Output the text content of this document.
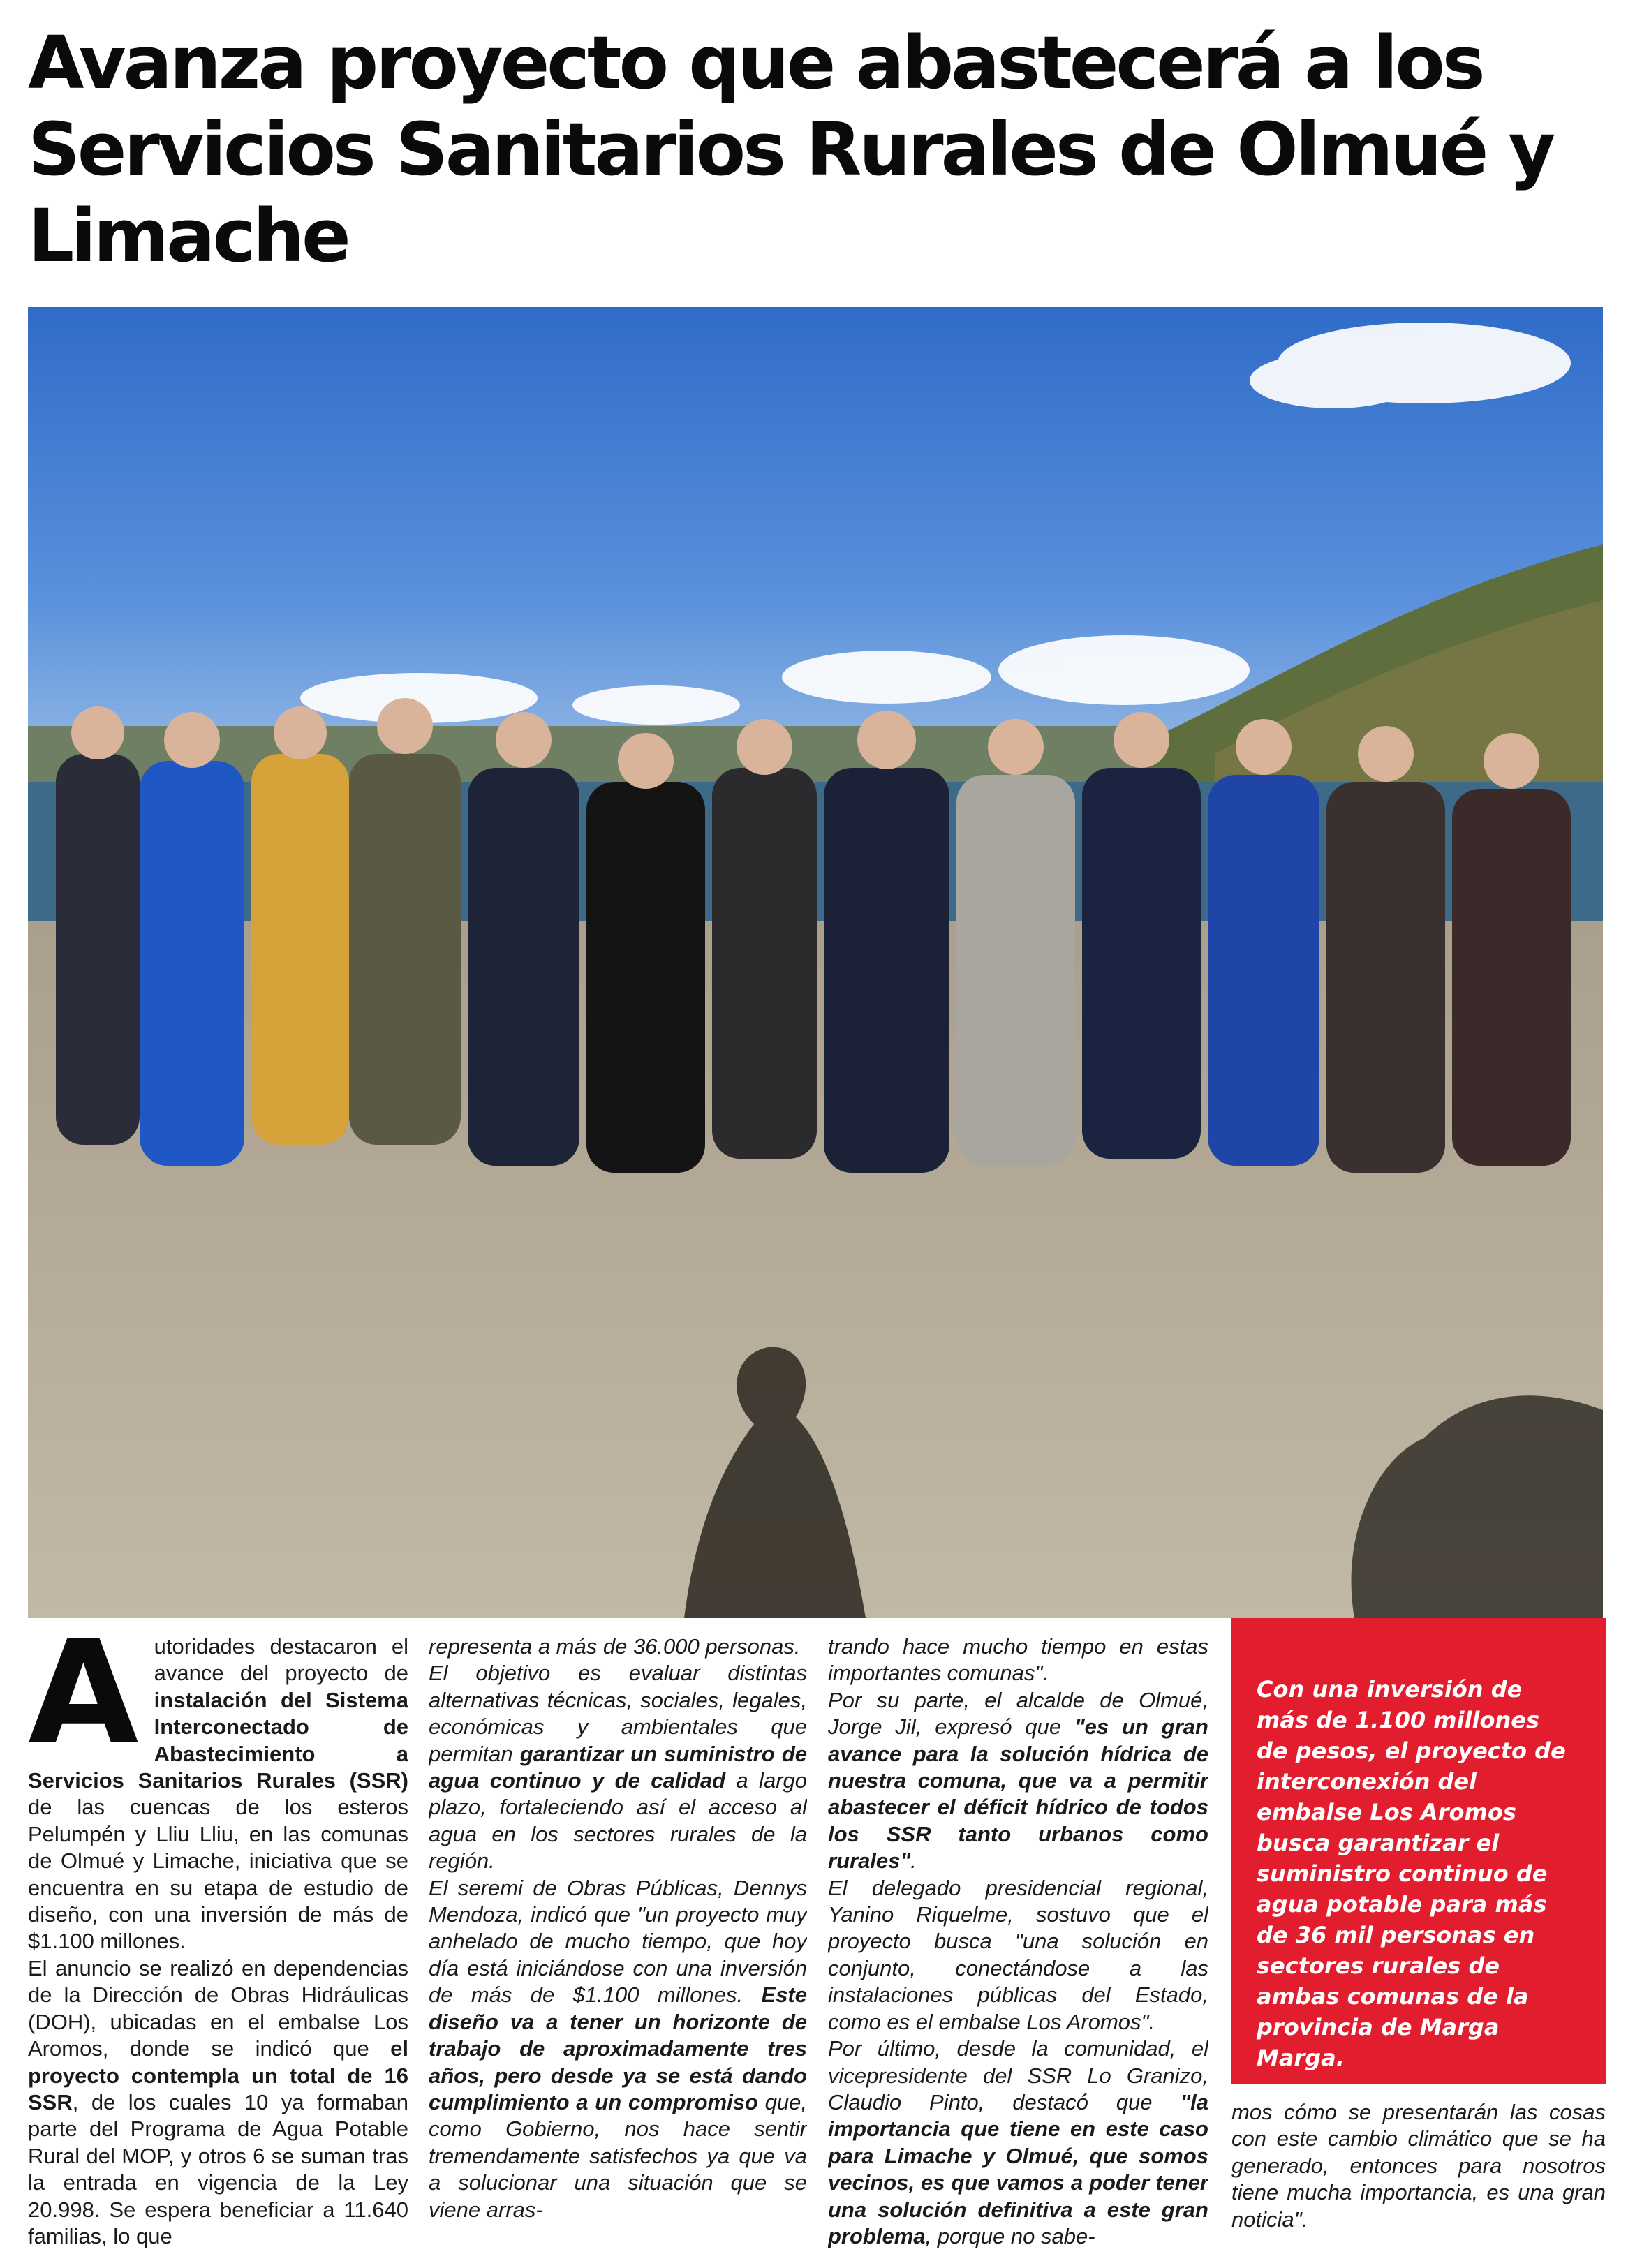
Avanza proyecto que abastecerá a los Servicios Sanitarios Rurales de Olmué y Limache

Autoridades destacaron el avance del proyecto de instalación del Sistema Interconectado de Abastecimiento a Servicios Sanitarios Rurales (SSR) de las cuencas de los esteros Pelumpén y Lliu Lliu, en las comunas de Olmué y Limache, iniciativa que se encuentra en su etapa de estudio de diseño, con una inversión de más de $1.100 millones.

El anuncio se realizó en dependencias de la Dirección de Obras Hidráulicas (DOH), ubicadas en el embalse Los Aromos, donde se indicó que el proyecto contempla un total de 16 SSR, de los cuales 10 ya formaban parte del Programa de Agua Potable Rural del MOP, y otros 6 se suman tras la entrada en vigencia de la Ley 20.998. Se espera beneficiar a 11.640 familias, lo que

representa a más de 36.000 personas.

El objetivo es evaluar distintas alternativas técnicas, sociales, legales, económicas y ambientales que permitan garantizar un suministro de agua continuo y de calidad a largo plazo, fortaleciendo así el acceso al agua en los sectores rurales de la región.

El seremi de Obras Públicas, Dennys Mendoza, indicó que "un proyecto muy anhelado de mucho tiempo, que hoy día está iniciándose con una inversión de más de $1.100 millones. Este diseño va a tener un horizonte de trabajo de aproximadamente tres años, pero desde ya se está dando cumplimiento a un compromiso que, como Gobierno, nos hace sentir tremendamente satisfechos ya que va a solucionar una situación que se viene arras-

trando hace mucho tiempo en estas importantes comunas".

Por su parte, el alcalde de Olmué, Jorge Jil, expresó que "es un gran avance para la solución hídrica de nuestra comuna, que va a permitir abastecer el déficit hídrico de todos los SSR tanto urbanos como rurales".

El delegado presidencial regional, Yanino Riquelme, sostuvo que el proyecto busca "una solución en conjunto, conectándose a las instalaciones públicas del Estado, como es el embalse Los Aromos".

Por último, desde la comunidad, el vicepresidente del SSR Lo Granizo, Claudio Pinto, destacó que "la importancia que tiene en este caso para Limache y Olmué, que somos vecinos, es que vamos a poder tener una solución definitiva a este gran problema, porque no sabe-

Con una inversión de más de 1.100 millones de pesos, el proyecto de interconexión del embalse Los Aromos busca garantizar el suministro continuo de agua potable para más de 36 mil personas en sectores rurales de ambas comunas de la provincia de Marga Marga.

mos cómo se presentarán las cosas con este cambio climático que se ha generado, entonces para nosotros tiene mucha importancia, es una gran noticia".
